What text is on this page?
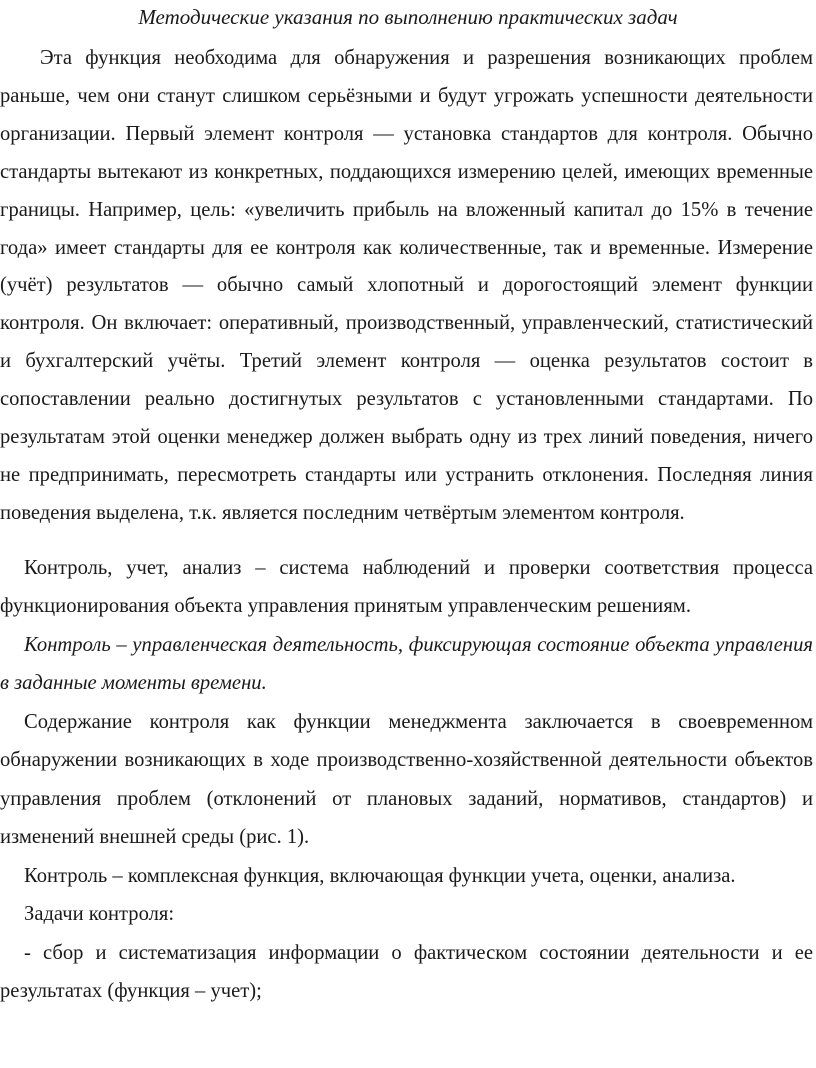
Методические указания по выполнению практических задач

Эта функция необходима для обнаружения и разрешения возникающих проблем раньше, чем они станут слишком серьёзными и будут угрожать успешности деятельности организации. Первый элемент контроля — установка стандартов для контроля. Обычно стандарты вытекают из конкретных, поддающихся измерению целей, имеющих временные границы. Например, цель: «увеличить прибыль на вложенный капитал до 15% в течение года» имеет стандарты для ее контроля как количественные, так и временные. Измерение (учёт) результатов — обычно самый хлопотный и дорогостоящий элемент функции контроля. Он включает: оперативный, производственный, управленческий, статистический и бухгалтерский учёты. Третий элемент контроля — оценка результатов состоит в сопоставлении реально достигнутых результатов с установленными стандартами. По результатам этой оценки менеджер должен выбрать одну из трех линий поведения, ничего не предпринимать, пересмотреть стандарты или устранить отклонения. Последняя линия поведения выделена, т.к. является последним четвёртым элементом контроля.

Контроль, учет, анализ – система наблюдений и проверки соответствия процесса функционирования объекта управления принятым управленческим решениям.

Контроль – управленческая деятельность, фиксирующая состояние объекта управления в заданные моменты времени.

Содержание контроля как функции менеджмента заключается в своевременном обнаружении возникающих в ходе производственно-хозяйственной деятельности объектов управления проблем (отклонений от плановых заданий, нормативов, стандартов) и изменений внешней среды (рис. 1).

Контроль – комплексная функция, включающая функции учета, оценки, анализа.

Задачи контроля:

- сбор и систематизация информации о фактическом состоянии деятельности и ее результатах (функция – учет);
